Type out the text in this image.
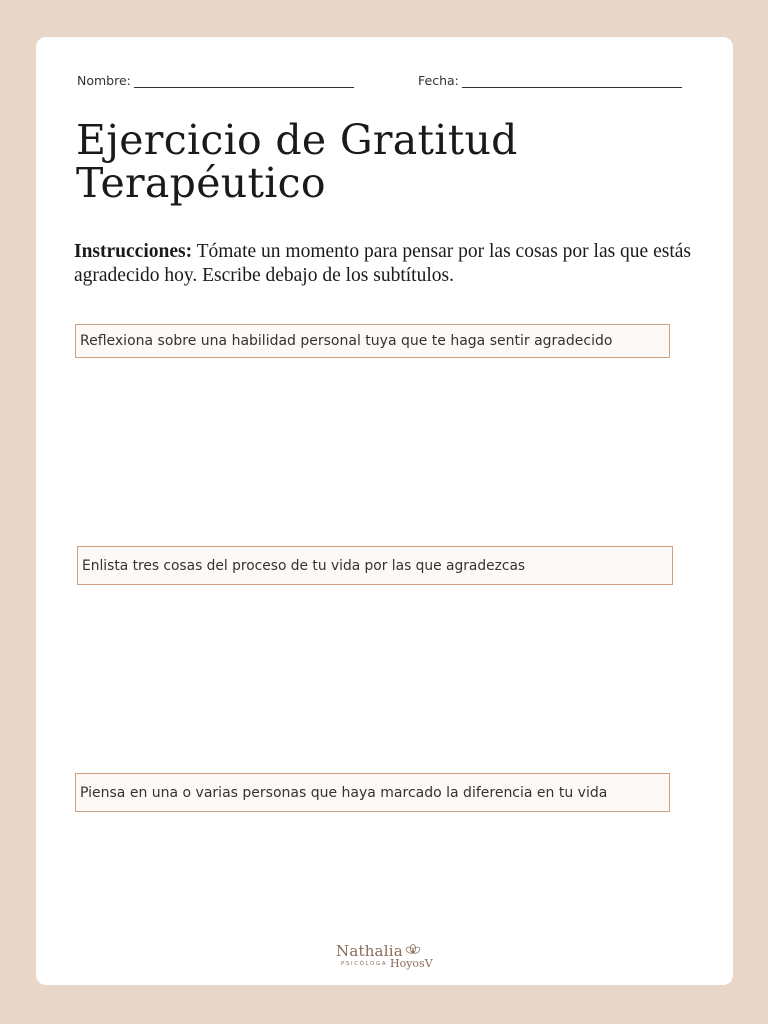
Nombre:	Fecha:
Ejercicio de Gratitud
Terapéutico

Instrucciones: Tómate un momento para pensar por las cosas por las que estás agradecido hoy. Escribe debajo de los subtítulos.

Reflexiona sobre una habilidad personal tuya que te haga sentir agradecido
Enlista tres cosas del proceso de tu vida por las que agradezcas
Piensa en una o varias personas que haya marcado la diferencia en tu vida
Nathalia
PSICÓLOGA HoyosV
